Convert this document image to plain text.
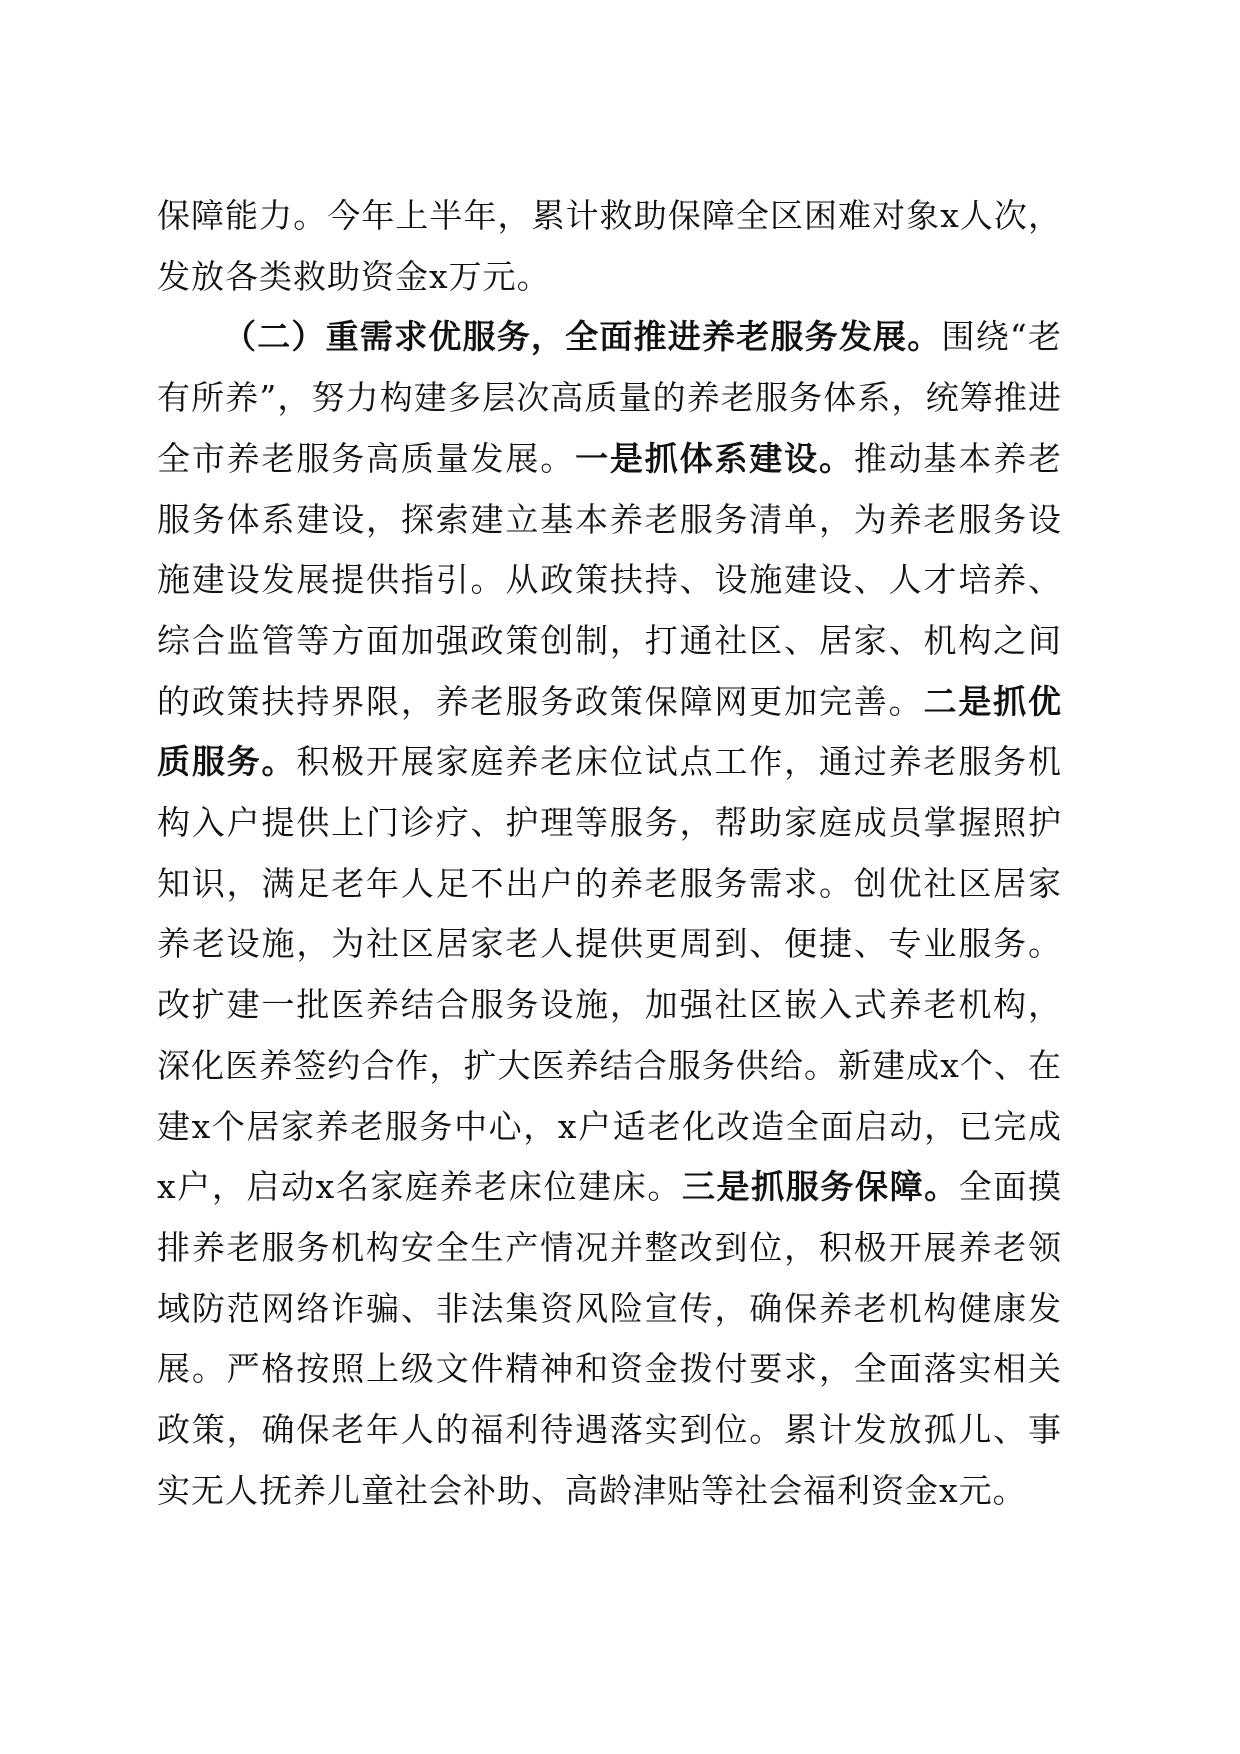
保障能力。今年上半年，累计救助保障全区困难对象x人次，发放各类救助资金x万元。

（二）重需求优服务，全面推进养老服务发展。围绕“老有所养”，努力构建多层次高质量的养老服务体系，统筹推进全市养老服务高质量发展。一是抓体系建设。推动基本养老服务体系建设，探索建立基本养老服务清单，为养老服务设施建设发展提供指引。从政策扶持、设施建设、人才培养、综合监管等方面加强政策创制，打通社区、居家、机构之间的政策扶持界限，养老服务政策保障网更加完善。二是抓优质服务。积极开展家庭养老床位试点工作，通过养老服务机构入户提供上门诊疗、护理等服务，帮助家庭成员掌握照护知识，满足老年人足不出户的养老服务需求。创优社区居家养老设施，为社区居家老人提供更周到、便捷、专业服务。改扩建一批医养结合服务设施，加强社区嵌入式养老机构，深化医养签约合作，扩大医养结合服务供给。新建成x个、在建x个居家养老服务中心，x户适老化改造全面启动，已完成x户，启动x名家庭养老床位建床。三是抓服务保障。全面摸排养老服务机构安全生产情况并整改到位，积极开展养老领域防范网络诈骗、非法集资风险宣传，确保养老机构健康发展。严格按照上级文件精神和资金拨付要求，全面落实相关政策，确保老年人的福利待遇落实到位。累计发放孤儿、事实无人抚养儿童社会补助、高龄津贴等社会福利资金x元。
